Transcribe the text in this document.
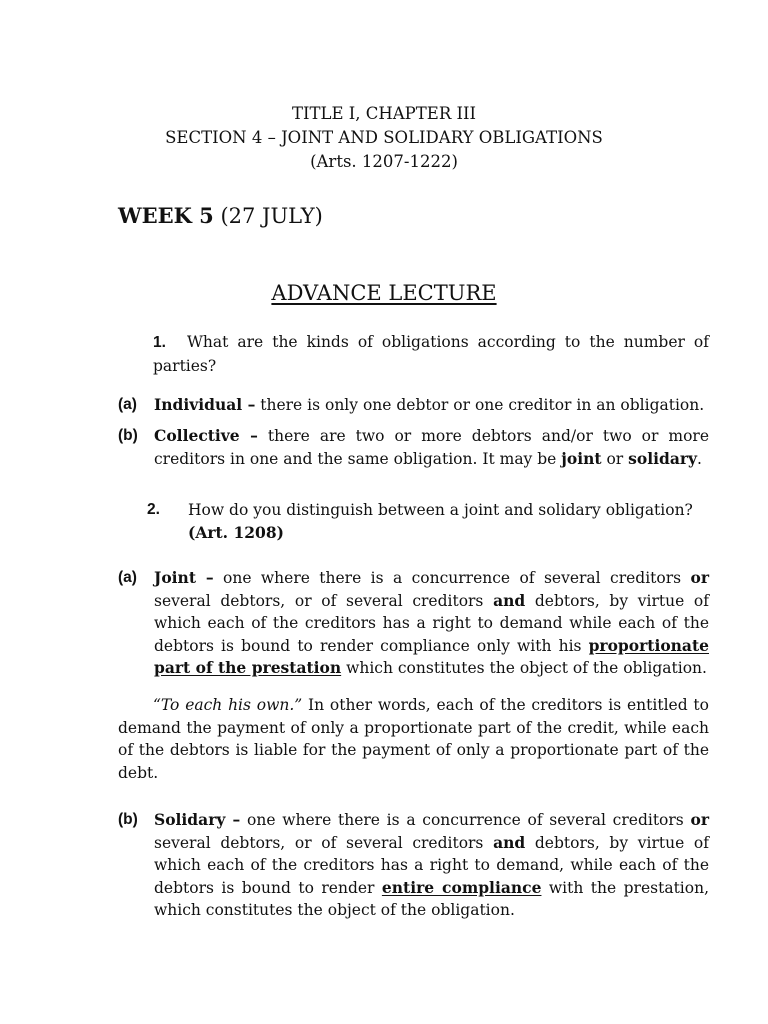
TITLE I, CHAPTER III

SECTION 4 – JOINT AND SOLIDARY OBLIGATIONS

(Arts. 1207-1222)

WEEK 5 (27 JULY)

ADVANCE LECTURE

1. What are the kinds of obligations according to the number of parties?
(a)	Individual – there is only one debtor or one creditor in an obligation.
(b)	Collective – there are two or more debtors and/or two or more creditors in one and the same obligation. It may be joint or solidary.
2.	How do you distinguish between a joint and solidary obligation?
(Art. 1208)
(a)	Joint – one where there is a concurrence of several creditors or several debtors, or of several creditors and debtors, by virtue of which each of the creditors has a right to demand while each of the debtors is bound to render compliance only with his proportionate part of the prestation which constitutes the object of the obligation.
“To each his own.” In other words, each of the creditors is entitled to demand the payment of only a proportionate part of the credit, while each of the debtors is liable for the payment of only a proportionate part of the debt.
(b)	Solidary – one where there is a concurrence of several creditors or several debtors, or of several creditors and debtors, by virtue of which each of the creditors has a right to demand, while each of the debtors is bound to render entire compliance with the prestation, which constitutes the object of the obligation.
